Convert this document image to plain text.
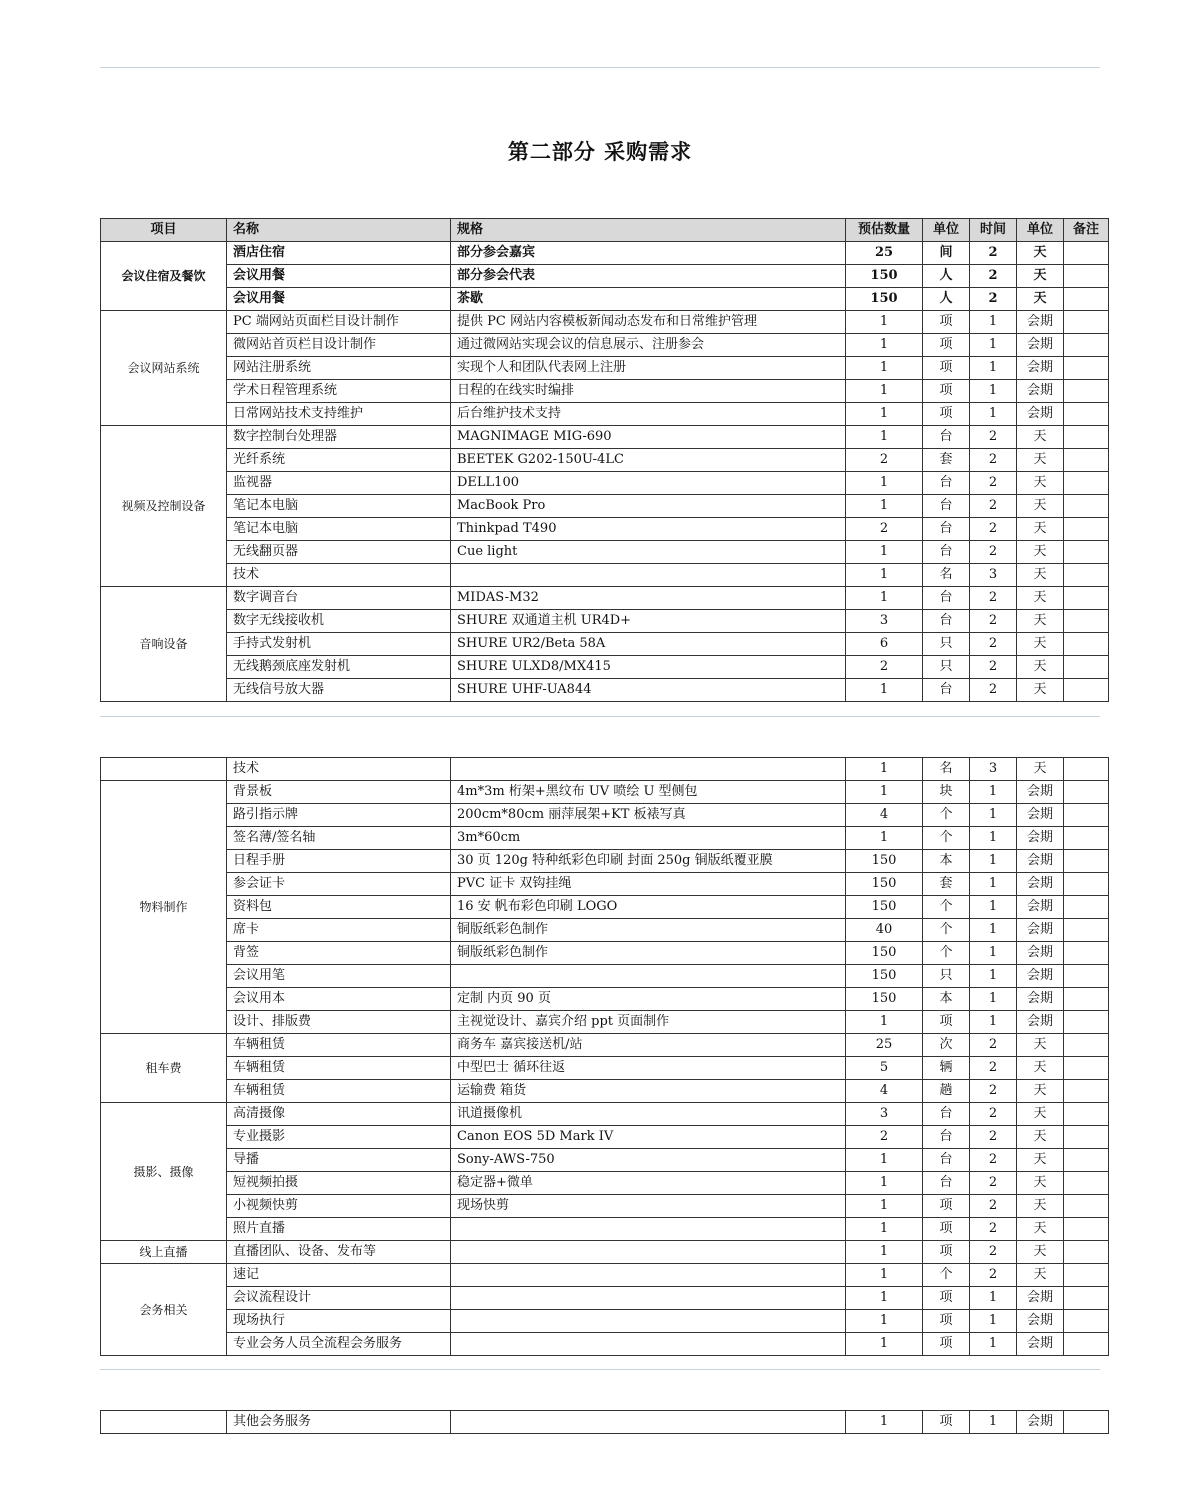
第二部分 采购需求
项目	名称	规格	预估数量	单位	时间	单位	备注
会议住宿及餐饮	酒店住宿	部分参会嘉宾	25	间	2	天	
	会议用餐	部分参会代表	150	人	2	天	
	会议用餐	茶歇	150	人	2	天	
会议网站系统	PC 端网站页面栏目设计制作	提供 PC 网站内容模板新闻动态发布和日常维护管理	1	项	1	会期	
	微网站首页栏目设计制作	通过微网站实现会议的信息展示、注册参会	1	项	1	会期	
	网站注册系统	实现个人和团队代表网上注册	1	项	1	会期	
	学术日程管理系统	日程的在线实时编排	1	项	1	会期	
	日常网站技术支持维护	后台维护技术支持	1	项	1	会期	
视频及控制设备	数字控制台处理器	MAGNIMAGE MIG-690	1	台	2	天	
	光纤系统	BEETEK G202-150U-4LC	2	套	2	天	
	监视器	DELL100	1	台	2	天	
	笔记本电脑	MacBook Pro	1	台	2	天	
	笔记本电脑	Thinkpad T490	2	台	2	天	
	无线翻页器	Cue light	1	台	2	天	
	技术		1	名	3	天	
音响设备	数字调音台	MIDAS-M32	1	台	2	天	
	数字无线接收机	SHURE 双通道主机 UR4D+	3	台	2	天	
	手持式发射机	SHURE UR2/Beta 58A	6	只	2	天	
	无线鹅颈底座发射机	SHURE ULXD8/MX415	2	只	2	天	
	无线信号放大器	SHURE UHF-UA844	1	台	2	天	
	技术		1	名	3	天	
物料制作	背景板	4m*3m 桁架+黑纹布 UV 喷绘 U 型侧包	1	块	1	会期	
	路引指示牌	200cm*80cm 丽萍展架+KT 板裱写真	4	个	1	会期	
	签名薄/签名轴	3m*60cm	1	个	1	会期	
	日程手册	30 页 120g 特种纸彩色印刷 封面 250g 铜版纸覆亚膜	150	本	1	会期	
	参会证卡	PVC 证卡 双钩挂绳	150	套	1	会期	
	资料包	16 安 帆布彩色印刷 LOGO	150	个	1	会期	
	席卡	铜版纸彩色制作	40	个	1	会期	
	背签	铜版纸彩色制作	150	个	1	会期	
	会议用笔		150	只	1	会期	
	会议用本	定制 内页 90 页	150	本	1	会期	
	设计、排版费	主视觉设计、嘉宾介绍 ppt 页面制作	1	项	1	会期	
租车费	车辆租赁	商务车 嘉宾接送机/站	25	次	2	天	
	车辆租赁	中型巴士 循环往返	5	辆	2	天	
	车辆租赁	运输费 箱货	4	趟	2	天	
摄影、摄像	高清摄像	讯道摄像机	3	台	2	天	
	专业摄影	Canon EOS 5D Mark IV	2	台	2	天	
	导播	Sony-AWS-750	1	台	2	天	
	短视频拍摄	稳定器+微单	1	台	2	天	
	小视频快剪	现场快剪	1	项	2	天	
	照片直播		1	项	2	天	
线上直播	直播团队、设备、发布等		1	项	2	天	
会务相关	速记		1	个	2	天	
	会议流程设计		1	项	1	会期	
	现场执行		1	项	1	会期	
	专业会务人员全流程会务服务		1	项	1	会期	
	其他会务服务		1	项	1	会期	
